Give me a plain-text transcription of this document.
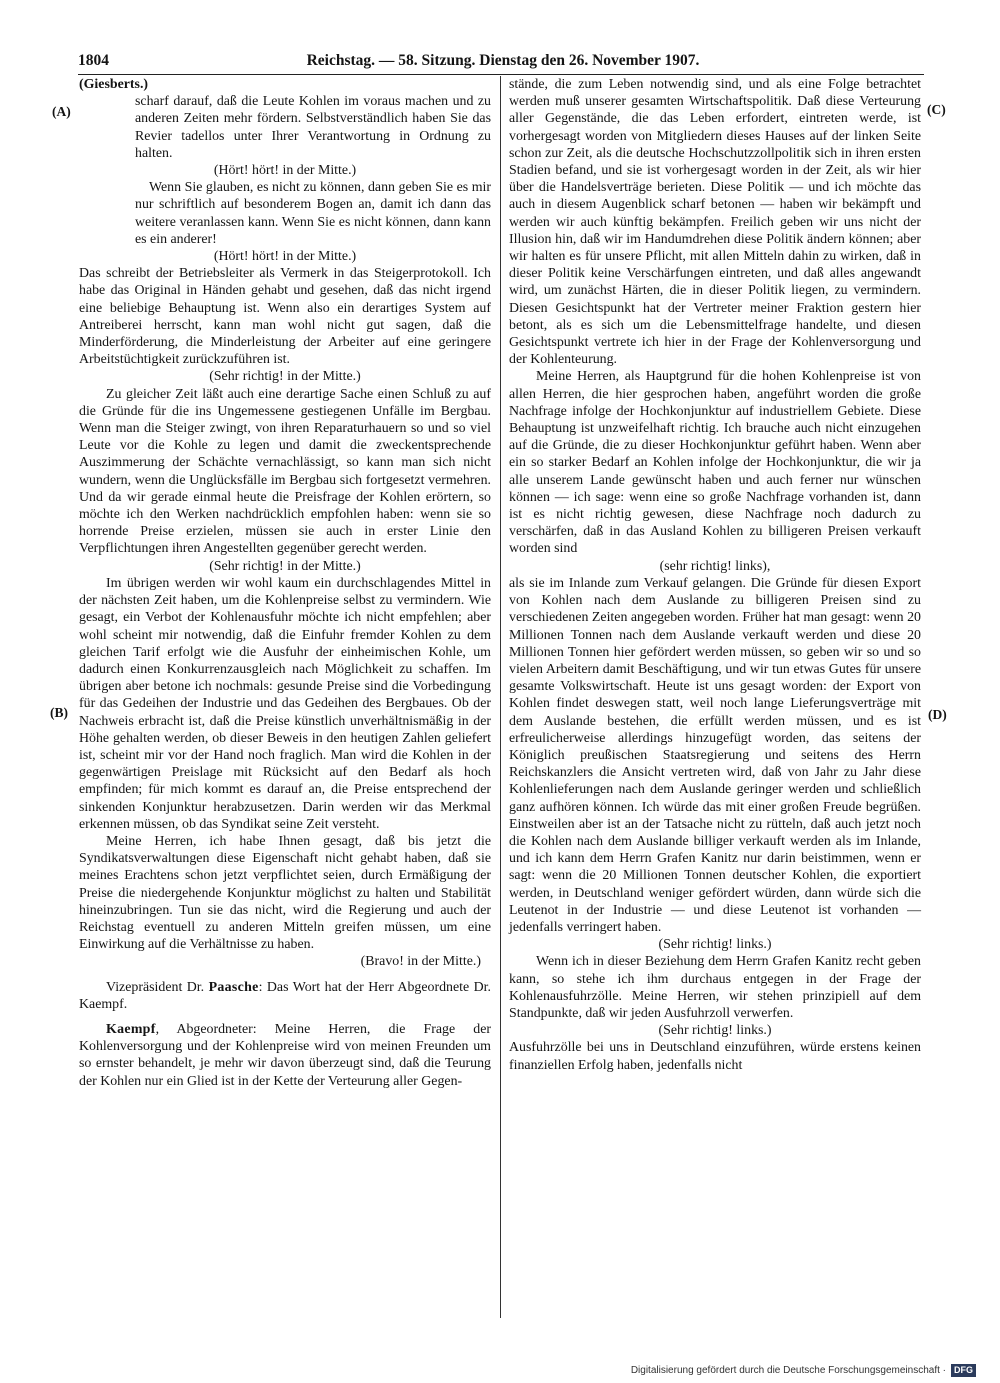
1804	Reichstag. — 58. Sitzung. Dienstag den 26. November 1907.
(A)
(B)
(C)
(D)

(Giesberts.)

scharf darauf, daß die Leute Kohlen im voraus machen und zu anderen Zeiten mehr fördern. Selbstverständlich haben Sie das Revier tadellos unter Ihrer Verantwortung in Ordnung zu halten.

(Hört! hört! in der Mitte.)

Wenn Sie glauben, es nicht zu können, dann geben Sie es mir nur schriftlich auf besonderem Bogen an, damit ich dann das weitere veranlassen kann. Wenn Sie es nicht können, dann kann es ein anderer!

(Hört! hört! in der Mitte.)

Das schreibt der Betriebsleiter als Vermerk in das Steigerprotokoll. Ich habe das Original in Händen gehabt und gesehen, daß das nicht irgend eine beliebige Behauptung ist. Wenn also ein derartiges System auf Antreiberei herrscht, kann man wohl nicht gut sagen, daß die Minderförderung, die Minderleistung der Arbeiter auf eine geringere Arbeitstüchtigkeit zurückzuführen ist.

(Sehr richtig! in der Mitte.)

Zu gleicher Zeit läßt auch eine derartige Sache einen Schluß zu auf die Gründe für die ins Ungemessene gestiegenen Unfälle im Bergbau. Wenn man die Steiger zwingt, von ihren Reparaturhauern so und so viel Leute vor die Kohle zu legen und damit die zweckentsprechende Auszimmerung der Schächte vernachlässigt, so kann man sich nicht wundern, wenn die Unglücksfälle im Bergbau sich fortgesetzt vermehren. Und da wir gerade einmal heute die Preisfrage der Kohlen erörtern, so möchte ich den Werken nachdrücklich empfohlen haben: wenn sie so horrende Preise erzielen, müssen sie auch in erster Linie den Verpflichtungen ihren Angestellten gegenüber gerecht werden.

(Sehr richtig! in der Mitte.)

Im übrigen werden wir wohl kaum ein durchschlagendes Mittel in der nächsten Zeit haben, um die Kohlenpreise selbst zu vermindern. Wie gesagt, ein Verbot der Kohlenausfuhr möchte ich nicht empfehlen; aber wohl scheint mir notwendig, daß die Einfuhr fremder Kohlen zu dem gleichen Tarif erfolgt wie die Ausfuhr der einheimischen Kohle, um dadurch einen Konkurrenzausgleich nach Möglichkeit zu schaffen. Im übrigen aber betone ich nochmals: gesunde Preise sind die Vorbedingung für das Gedeihen der Industrie und das Gedeihen des Bergbaues. Ob der Nachweis erbracht ist, daß die Preise künstlich unverhältnismäßig in der Höhe gehalten werden, ob dieser Beweis in den heutigen Zahlen geliefert ist, scheint mir vor der Hand noch fraglich. Man wird die Kohlen in der gegenwärtigen Preislage mit Rücksicht auf den Bedarf als hoch empfinden; für mich kommt es darauf an, die Preise entsprechend der sinkenden Konjunktur herabzusetzen. Darin werden wir das Merkmal erkennen müssen, ob das Syndikat seine Zeit versteht.

Meine Herren, ich habe Ihnen gesagt, daß bis jetzt die Syndikatsverwaltungen diese Eigenschaft nicht gehabt haben, daß sie meines Erachtens schon jetzt verpflichtet seien, durch Ermäßigung der Preise die niedergehende Konjunktur möglichst zu halten und Stabilität hineinzubringen. Tun sie das nicht, wird die Regierung und auch der Reichstag eventuell zu anderen Mitteln greifen müssen, um eine Einwirkung auf die Verhältnisse zu haben.

(Bravo! in der Mitte.)

Vizepräsident Dr. Paasche: Das Wort hat der Herr Abgeordnete Dr. Kaempf.

Kaempf, Abgeordneter: Meine Herren, die Frage der Kohlenversorgung und der Kohlenpreise wird von meinen Freunden um so ernster behandelt, je mehr wir davon überzeugt sind, daß die Teurung der Kohlen nur ein Glied ist in der Kette der Verteurung aller Gegen-

stände, die zum Leben notwendig sind, und als eine Folge betrachtet werden muß unserer gesamten Wirtschaftspolitik. Daß diese Verteurung aller Gegenstände, die das Leben erfordert, eintreten werde, ist vorhergesagt worden von Mitgliedern dieses Hauses auf der linken Seite schon zur Zeit, als die deutsche Hochschutzzollpolitik sich in ihren ersten Stadien befand, und sie ist vorhergesagt worden in der Zeit, als wir hier über die Handelsverträge berieten. Diese Politik — und ich möchte das auch in diesem Augenblick scharf betonen — haben wir bekämpft und werden wir auch künftig bekämpfen. Freilich geben wir uns nicht der Illusion hin, daß wir im Handumdrehen diese Politik ändern können; aber wir halten es für unsere Pflicht, mit allen Mitteln dahin zu wirken, daß in dieser Politik keine Verschärfungen eintreten, und daß alles angewandt wird, um zunächst Härten, die in dieser Politik liegen, zu vermindern. Diesen Gesichtspunkt hat der Vertreter meiner Fraktion gestern hier betont, als es sich um die Lebensmittelfrage handelte, und diesen Gesichtspunkt vertrete ich hier in der Frage der Kohlenversorgung und der Kohlenteurung.

Meine Herren, als Hauptgrund für die hohen Kohlenpreise ist von allen Herren, die hier gesprochen haben, angeführt worden die große Nachfrage infolge der Hochkonjunktur auf industriellem Gebiete. Diese Behauptung ist unzweifelhaft richtig. Ich brauche auch nicht einzugehen auf die Gründe, die zu dieser Hochkonjunktur geführt haben. Wenn aber ein so starker Bedarf an Kohlen infolge der Hochkonjunktur, die wir ja alle unserem Lande gewünscht haben und auch ferner nur wünschen können — ich sage: wenn eine so große Nachfrage vorhanden ist, dann ist es nicht richtig gewesen, diese Nachfrage noch dadurch zu verschärfen, daß in das Ausland Kohlen zu billigeren Preisen verkauft worden sind

(sehr richtig! links),

als sie im Inlande zum Verkauf gelangen. Die Gründe für diesen Export von Kohlen nach dem Auslande zu billigeren Preisen sind zu verschiedenen Zeiten angegeben worden. Früher hat man gesagt: wenn 20 Millionen Tonnen nach dem Auslande verkauft werden und diese 20 Millionen Tonnen hier gefördert werden müssen, so geben wir so und so vielen Arbeitern damit Beschäftigung, und wir tun etwas Gutes für unsere gesamte Volkswirtschaft. Heute ist uns gesagt worden: der Export von Kohlen findet deswegen statt, weil noch lange Lieferungsverträge mit dem Auslande bestehen, die erfüllt werden müssen, und es ist erfreulicherweise allerdings hinzugefügt worden, das seitens der Königlich preußischen Staatsregierung und seitens des Herrn Reichskanzlers die Ansicht vertreten wird, daß von Jahr zu Jahr diese Kohlenlieferungen nach dem Auslande geringer werden und schließlich ganz aufhören können. Ich würde das mit einer großen Freude begrüßen. Einstweilen aber ist an der Tatsache nicht zu rütteln, daß auch jetzt noch die Kohlen nach dem Auslande billiger verkauft werden als im Inlande, und ich kann dem Herrn Grafen Kanitz nur darin beistimmen, wenn er sagt: wenn die 20 Millionen Tonnen deutscher Kohlen, die exportiert werden, in Deutschland weniger gefördert würden, dann würde sich die Leutenot in der Industrie — und diese Leutenot ist vorhanden — jedenfalls verringert haben.

(Sehr richtig! links.)

Wenn ich in dieser Beziehung dem Herrn Grafen Kanitz recht geben kann, so stehe ich ihm durchaus entgegen in der Frage der Kohlenausfuhrzölle. Meine Herren, wir stehen prinzipiell auf dem Standpunkte, daß wir jeden Ausfuhrzoll verwerfen.

(Sehr richtig! links.)

Ausfuhrzölle bei uns in Deutschland einzuführen, würde erstens keinen finanziellen Erfolg haben, jedenfalls nicht

Digitalisierung gefördert durch die Deutsche Forschungsgemeinschaft · DFG
